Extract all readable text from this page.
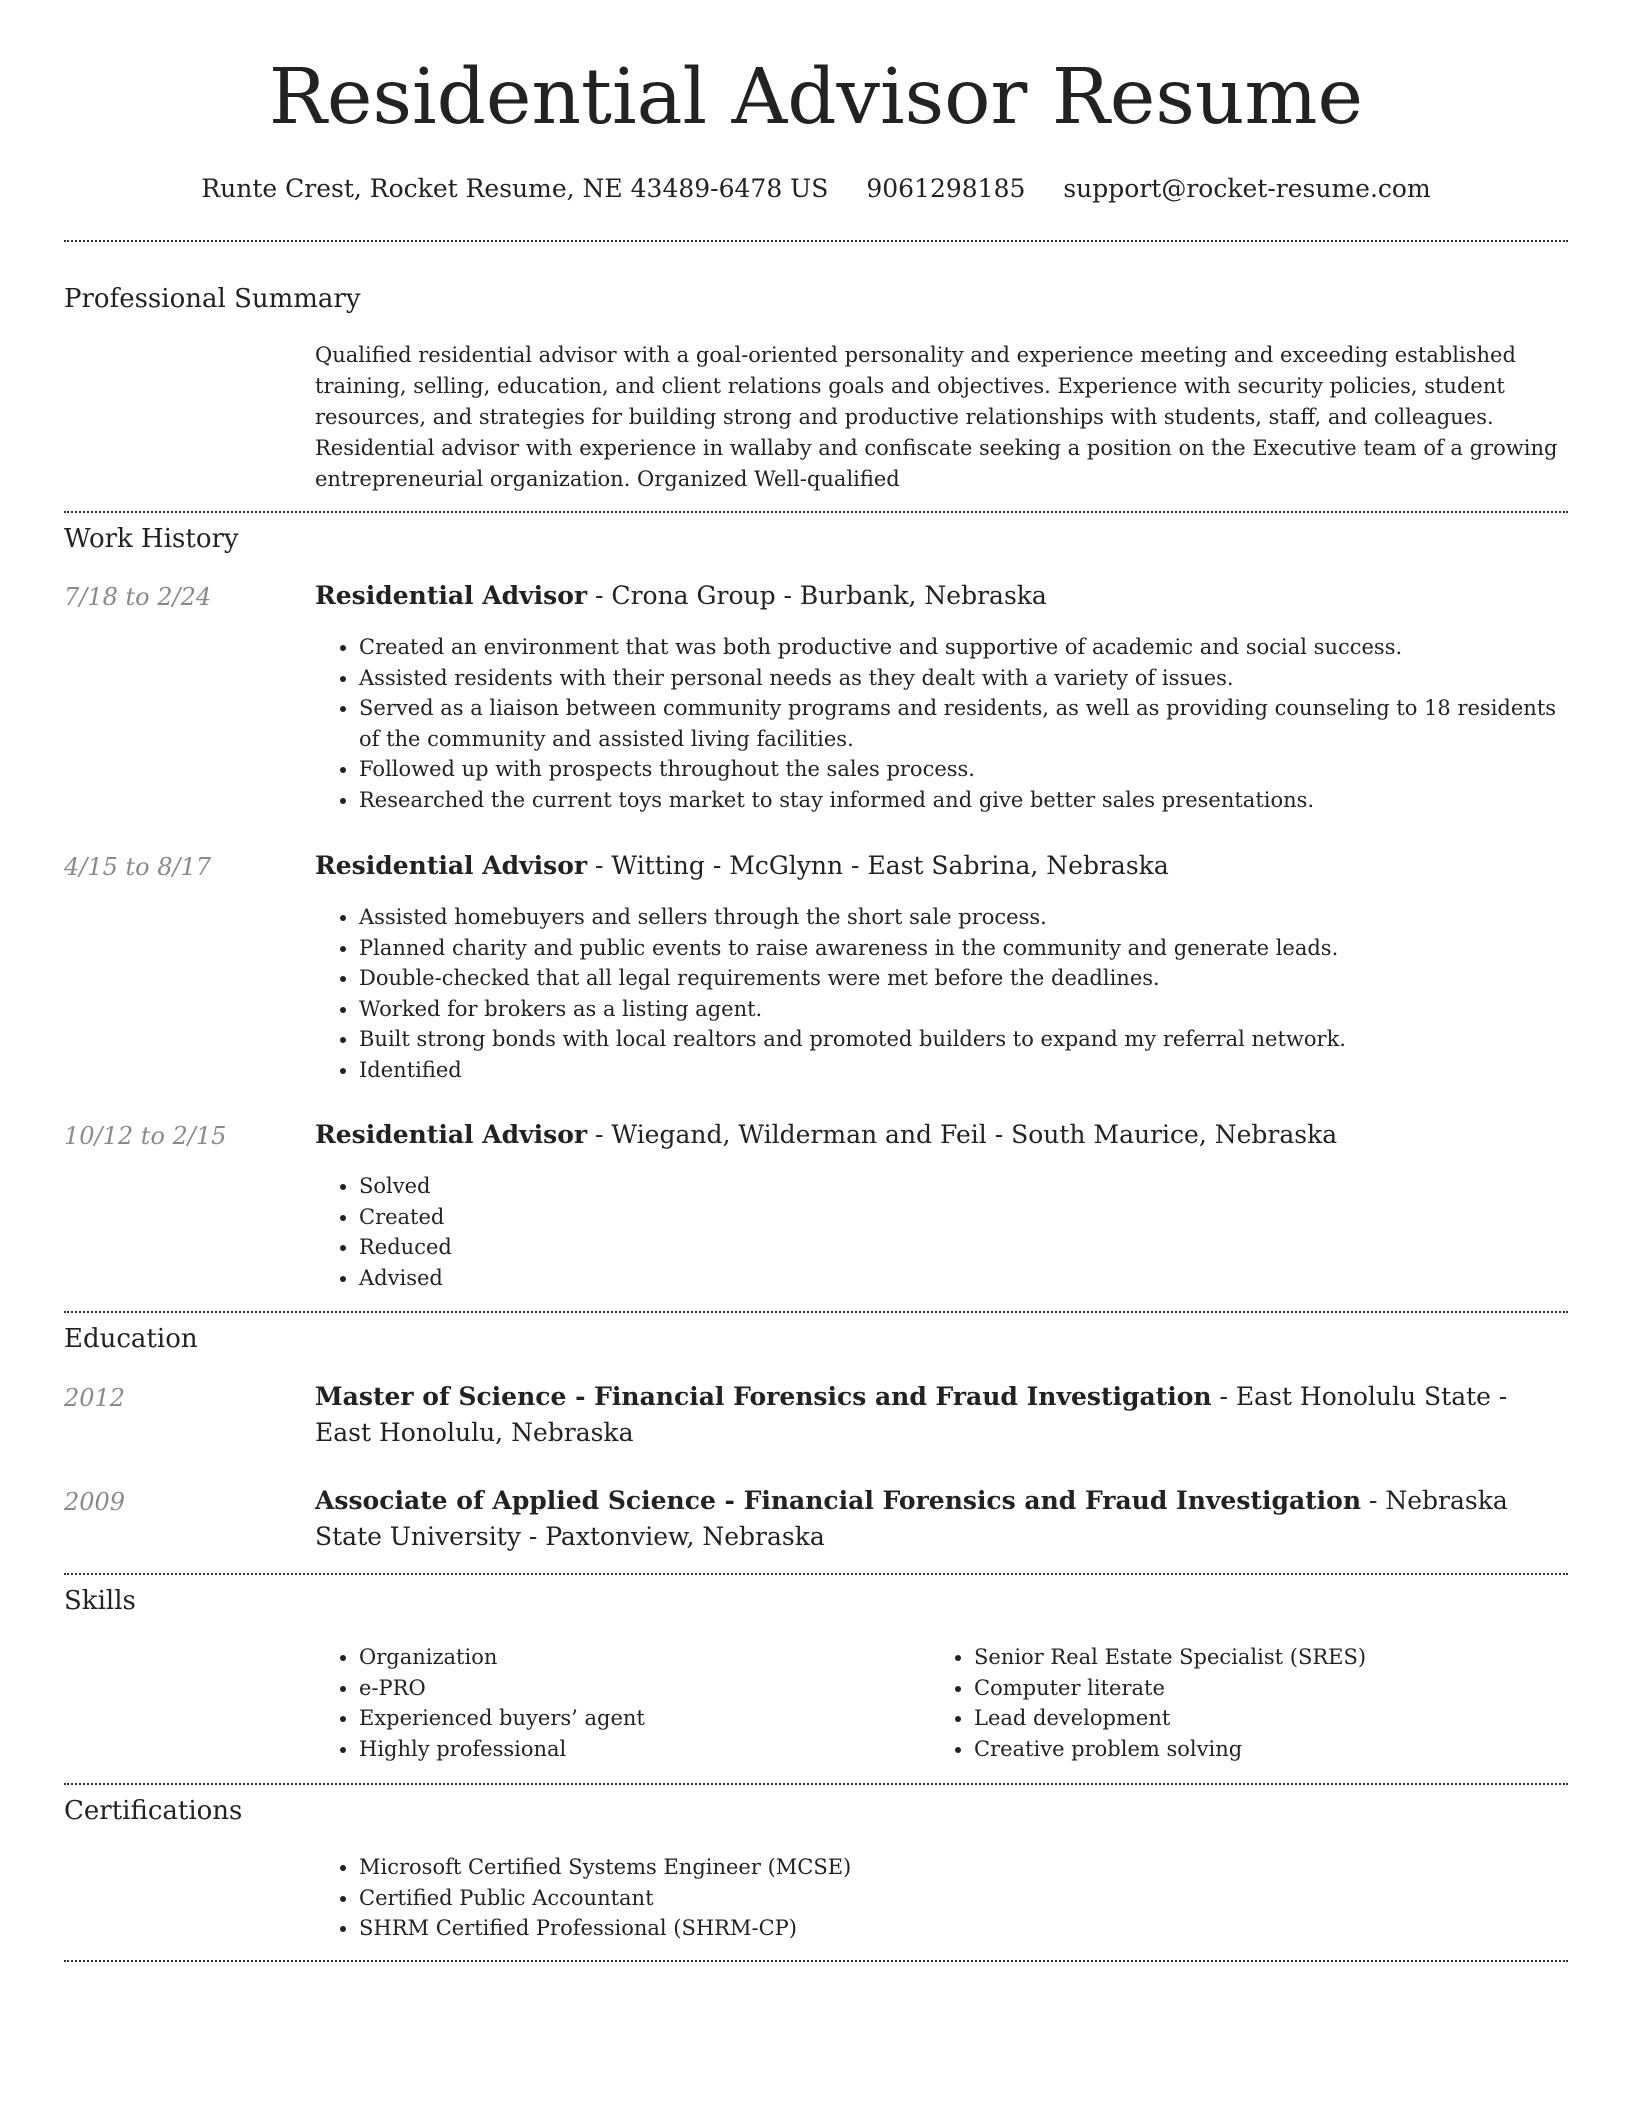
Residential Advisor Resume
Runte Crest, Rocket Resume, NE 43489-6478 US 9061298185 support@rocket-resume.com
Professional Summary

Qualified residential advisor with a goal-oriented personality and experience meeting and exceeding established training, selling, education, and client relations goals and objectives. Experience with security policies, student resources, and strategies for building strong and productive relationships with students, staff, and colleagues. Residential advisor with experience in wallaby and confiscate seeking a position on the Executive team of a growing entrepreneurial organization. Organized Well-qualified

Work History
7/18 to 2/24	Residential Advisor - Crona Group - Burbank, Nebraska
• Created an environment that was both productive and supportive of academic and social success.
• Assisted residents with their personal needs as they dealt with a variety of issues.
• Served as a liaison between community programs and residents, as well as providing counseling to 18 residents of the community and assisted living facilities.
• Followed up with prospects throughout the sales process.
• Researched the current toys market to stay informed and give better sales presentations.
4/15 to 8/17	Residential Advisor - Witting - McGlynn - East Sabrina, Nebraska
• Assisted homebuyers and sellers through the short sale process.
• Planned charity and public events to raise awareness in the community and generate leads.
• Double-checked that all legal requirements were met before the deadlines.
• Worked for brokers as a listing agent.
• Built strong bonds with local realtors and promoted builders to expand my referral network.
• Identified
10/12 to 2/15	Residential Advisor - Wiegand, Wilderman and Feil - South Maurice, Nebraska
• Solved
• Created
• Reduced
• Advised
Education
2012	Master of Science - Financial Forensics and Fraud Investigation - East Honolulu State - East Honolulu, Nebraska
2009	Associate of Applied Science - Financial Forensics and Fraud Investigation - Nebraska State University - Paxtonview, Nebraska
Skills
• Organization
• e-PRO
• Experienced buyers’ agent
• Highly professional
• Senior Real Estate Specialist (SRES)
• Computer literate
• Lead development
• Creative problem solving
Certifications
• Microsoft Certified Systems Engineer (MCSE)
• Certified Public Accountant
• SHRM Certified Professional (SHRM-CP)
